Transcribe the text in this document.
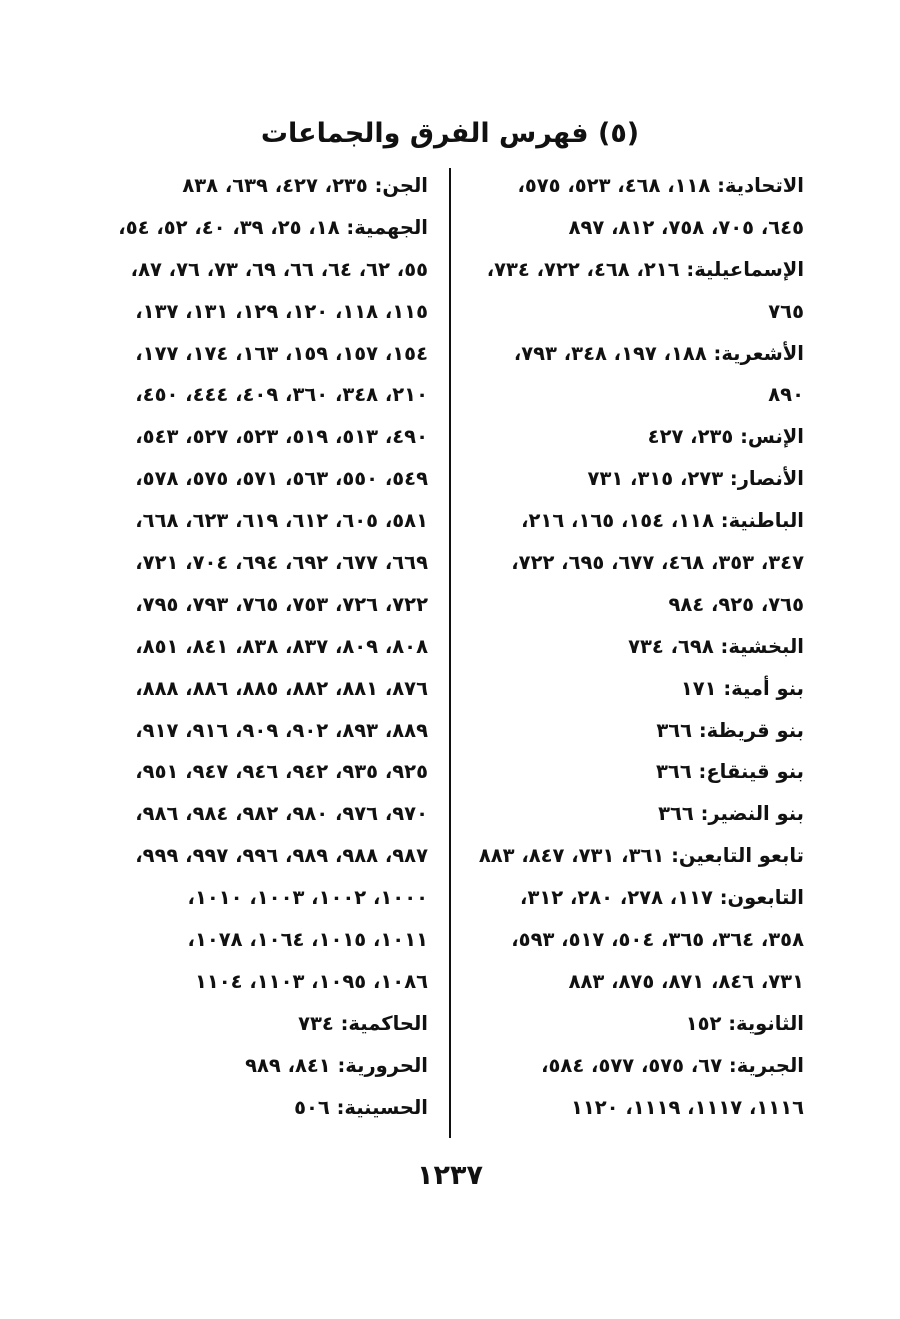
(٥) فهرس الفرق والجماعات
الاتحادية: ١١٨، ٤٦٨، ٥٢٣، ٥٧٥،
٦٤٥، ٧٠٥، ٧٥٨، ٨١٢، ٨٩٧
الإسماعيلية: ٢١٦، ٤٦٨، ٧٢٢، ٧٣٤،
٧٦٥
الأشعرية: ١٨٨، ١٩٧، ٣٤٨، ٧٩٣،
٨٩٠
الإنس: ٢٣٥، ٤٢٧
الأنصار: ٢٧٣، ٣١٥، ٧٣١
الباطنية: ١١٨، ١٥٤، ١٦٥، ٢١٦،
٣٤٧، ٣٥٣، ٤٦٨، ٦٧٧، ٦٩٥، ٧٢٢،
٧٦٥، ٩٢٥، ٩٨٤
البخشية: ٦٩٨، ٧٣٤
بنو أمية: ١٧١
بنو قريظة: ٣٦٦
بنو قينقاع: ٣٦٦
بنو النضير: ٣٦٦
تابعو التابعين: ٣٦١، ٧٣١، ٨٤٧، ٨٨٣
التابعون: ١١٧، ٢٧٨، ٢٨٠، ٣١٢،
٣٥٨، ٣٦٤، ٣٦٥، ٥٠٤، ٥١٧، ٥٩٣،
٧٣١، ٨٤٦، ٨٧١، ٨٧٥، ٨٨٣
الثانوية: ١٥٢
الجبرية: ٦٧، ٥٧٥، ٥٧٧، ٥٨٤،
١١١٦، ١١١٧، ١١١٩، ١١٢٠
الجن: ٢٣٥، ٤٢٧، ٦٣٩، ٨٣٨
الجهمية: ١٨، ٢٥، ٣٩، ٤٠، ٥٢، ٥٤،
٥٥، ٦٢، ٦٤، ٦٦، ٦٩، ٧٣، ٧٦، ٨٧،
١١٥، ١١٨، ١٢٠، ١٢٩، ١٣١، ١٣٧،
١٥٤، ١٥٧، ١٥٩، ١٦٣، ١٧٤، ١٧٧،
٢١٠، ٣٤٨، ٣٦٠، ٤٠٩، ٤٤٤، ٤٥٠،
٤٩٠، ٥١٣، ٥١٩، ٥٢٣، ٥٢٧، ٥٤٣،
٥٤٩، ٥٥٠، ٥٦٣، ٥٧١، ٥٧٥، ٥٧٨،
٥٨١، ٦٠٥، ٦١٢، ٦١٩، ٦٢٣، ٦٦٨،
٦٦٩، ٦٧٧، ٦٩٢، ٦٩٤، ٧٠٤، ٧٢١،
٧٢٢، ٧٢٦، ٧٥٣، ٧٦٥، ٧٩٣، ٧٩٥،
٨٠٨، ٨٠٩، ٨٣٧، ٨٣٨، ٨٤١، ٨٥١،
٨٧٦، ٨٨١، ٨٨٢، ٨٨٥، ٨٨٦، ٨٨٨،
٨٨٩، ٨٩٣، ٩٠٢، ٩٠٩، ٩١٦، ٩١٧،
٩٢٥، ٩٣٥، ٩٤٢، ٩٤٦، ٩٤٧، ٩٥١،
٩٧٠، ٩٧٦، ٩٨٠، ٩٨٢، ٩٨٤، ٩٨٦،
٩٨٧، ٩٨٨، ٩٨٩، ٩٩٦، ٩٩٧، ٩٩٩،
١٠٠٠، ١٠٠٢، ١٠٠٣، ١٠١٠،
١٠١١، ١٠١٥، ١٠٦٤، ١٠٧٨،
١٠٨٦، ١٠٩٥، ١١٠٣، ١١٠٤
الحاكمية: ٧٣٤
الحرورية: ٨٤١، ٩٨٩
الحسينية: ٥٠٦
١٢٣٧
